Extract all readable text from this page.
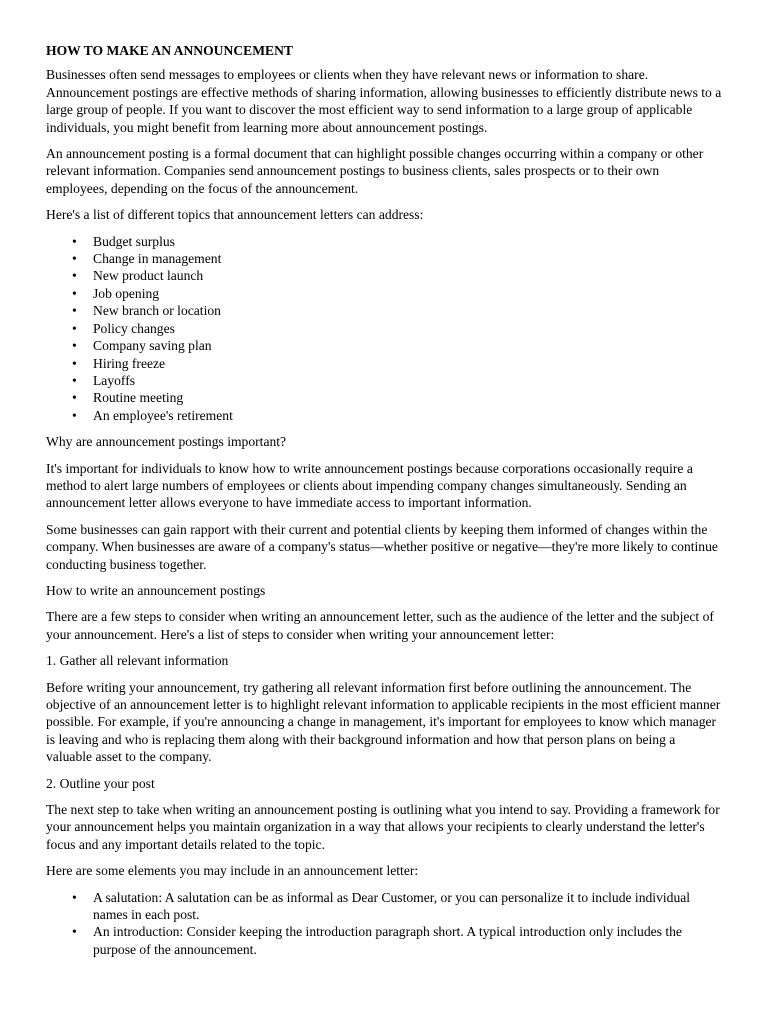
HOW TO MAKE AN ANNOUNCEMENT

Businesses often send messages to employees or clients when they have relevant news or information to share. Announcement postings are effective methods of sharing information, allowing businesses to efficiently distribute news to a large group of people. If you want to discover the most efficient way to send information to a large group of applicable individuals, you might benefit from learning more about announcement postings.

An announcement posting is a formal document that can highlight possible changes occurring within a company or other relevant information. Companies send announcement postings to business clients, sales prospects or to their own employees, depending on the focus of the announcement.

Here's a list of different topics that announcement letters can address:

• Budget surplus
• Change in management
• New product launch
• Job opening
• New branch or location
• Policy changes
• Company saving plan
• Hiring freeze
• Layoffs
• Routine meeting
• An employee's retirement

Why are announcement postings important?

It's important for individuals to know how to write announcement postings because corporations occasionally require a method to alert large numbers of employees or clients about impending company changes simultaneously. Sending an announcement letter allows everyone to have immediate access to important information.

Some businesses can gain rapport with their current and potential clients by keeping them informed of changes within the company. When businesses are aware of a company's status—whether positive or negative—they're more likely to continue conducting business together.

How to write an announcement postings

There are a few steps to consider when writing an announcement letter, such as the audience of the letter and the subject of your announcement. Here's a list of steps to consider when writing your announcement letter:

1. Gather all relevant information

Before writing your announcement, try gathering all relevant information first before outlining the announcement. The objective of an announcement letter is to highlight relevant information to applicable recipients in the most efficient manner possible. For example, if you're announcing a change in management, it's important for employees to know which manager is leaving and who is replacing them along with their background information and how that person plans on being a valuable asset to the company.

2. Outline your post

The next step to take when writing an announcement posting is outlining what you intend to say. Providing a framework for your announcement helps you maintain organization in a way that allows your recipients to clearly understand the letter's focus and any important details related to the topic.

Here are some elements you may include in an announcement letter:

• A salutation: A salutation can be as informal as Dear Customer, or you can personalize it to include individual names in each post.
• An introduction: Consider keeping the introduction paragraph short. A typical introduction only includes the purpose of the announcement.
